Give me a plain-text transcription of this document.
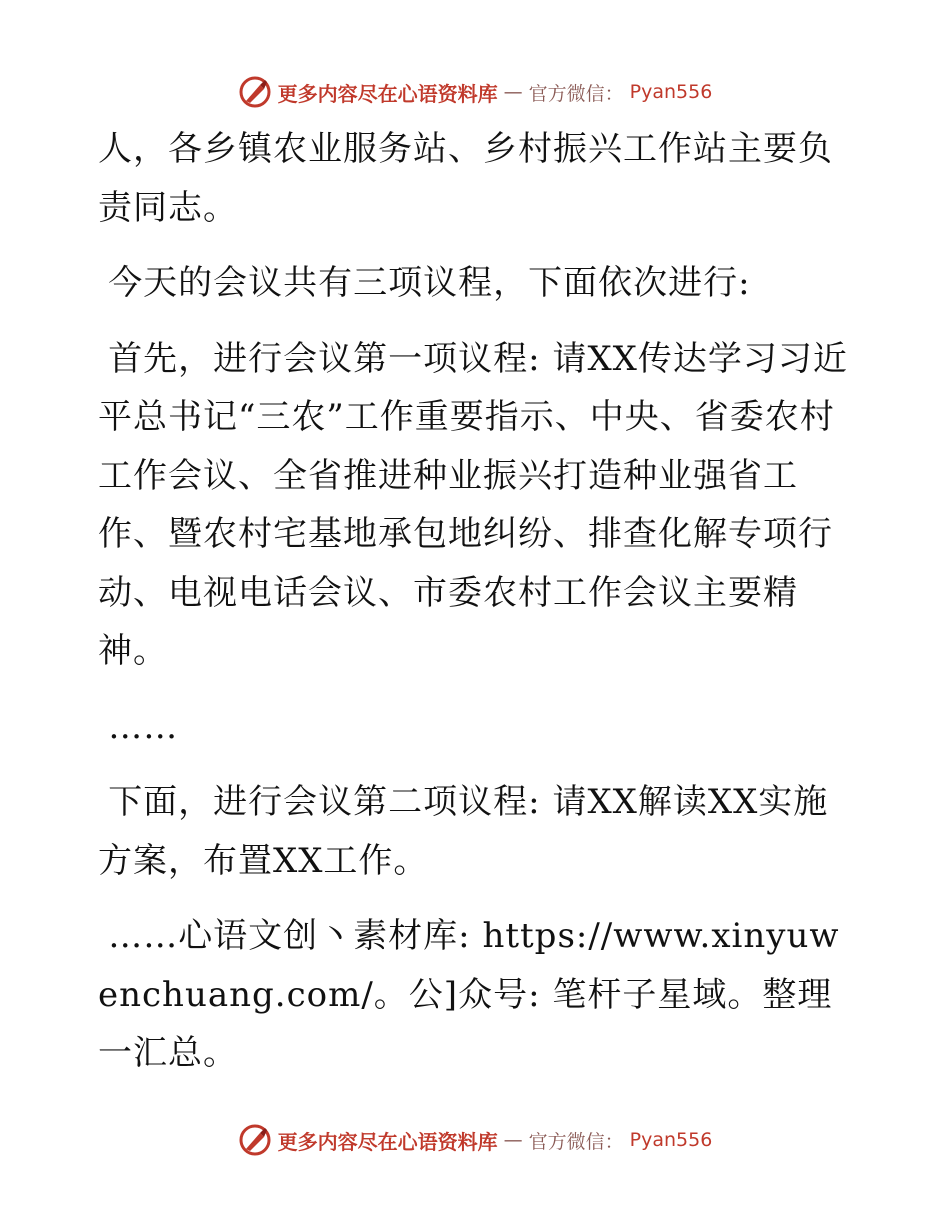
更多内容尽在心语资料库 — 官方微信： Pyan556

人，各乡镇农业服务站、乡村振兴工作站主要负责同志。

今天的会议共有三项议程，下面依次进行:

首先，进行会议第一项议程: 请XX传达学习习近平总书记“三农”工作重要指示、中央、省委农村工作会议、全省推进种业振兴打造种业强省工作、暨农村宅基地承包地纠纷、排查化解专项行动、电视电话会议、市委农村工作会议主要精神。

……

下面，进行会议第二项议程: 请XX解读XX实施方案，布置XX工作。

……心语文创丶素材库: https://www.xinyuwenchuang.com/。公]众号: 笔杆子星域。整理一汇总。

更多内容尽在心语资料库 — 官方微信： Pyan556
